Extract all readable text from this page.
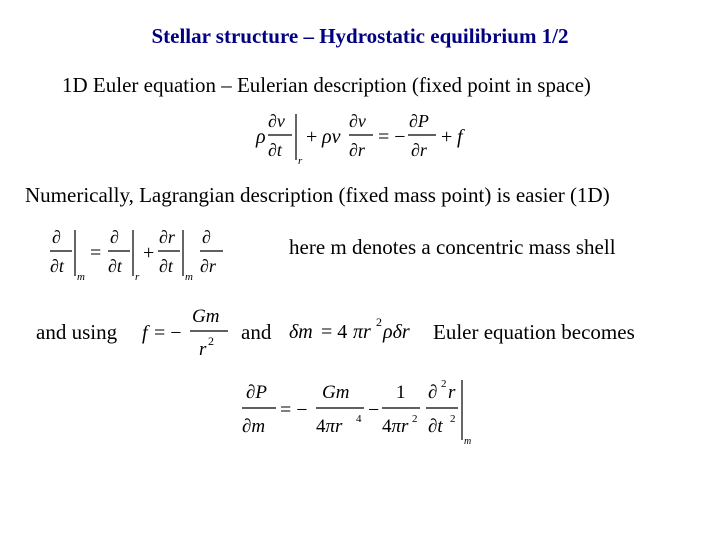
Stellar structure – Hydrostatic equilibrium 1/2
1D Euler equation – Eulerian description (fixed point in space)
ρ
∂v
∂t
r
+ ρv
∂v
∂r
= −
∂P
∂r
+ f
Numerically, Lagrangian description (fixed mass point) is easier (1D)
∂
∂t
m
=
∂
∂t
r
+
∂r
∂t
m
∂
∂r
here m denotes a concentric mass shell
and using f = −
Gm
r 2 and δm = 4 πr 2 ρδr Euler equation becomes
∂P
∂m
= −
Gm
4πr 4 −
1
4πr 2
∂ 2 r
∂t 2
m
